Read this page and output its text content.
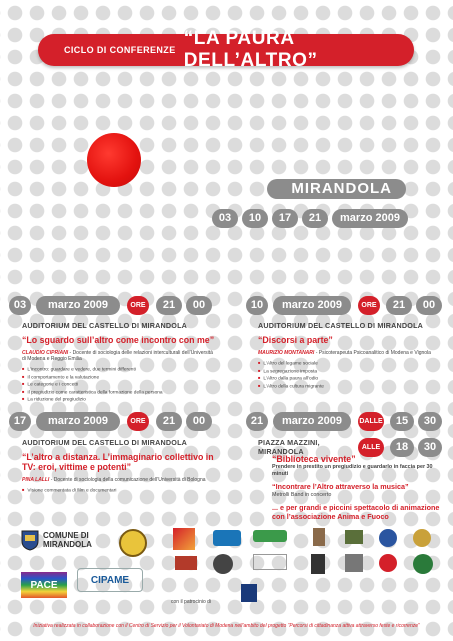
CICLO DI CONFERENZE
“LA PAURA DELL’ALTRO”
MIRANDOLA
03	10	17	21	marzo 2009
03	marzo 2009	ORE	21	00
AUDITORIUM DEL CASTELLO DI MIRANDOLA
“Lo sguardo sull’altro come incontro con me”
CLAUDIO CIPRIANI - Docente di sociologia delle relazioni interculturali dell’Università di Modena e Reggio Emilia
■ L’incontro: guardare e vedere, due termini differenti
■ Il comportamento e la valutazione
■ Le categorie e i concetti
■ Il pregiudizio come caratteristica della formazione della persona
■ La riduzione del pregiudizio
10	marzo 2009	ORE	21	00
AUDITORIUM DEL CASTELLO DI MIRANDOLA
“Discorsi a parte”
MAURIZIO MONTANARI - Psicoterapeuta Psicoanalitico di Modena e Vignola
■ L’Altro del legame sociale
■ La segregazione imposta
■ L’Altro dalla paura all’odio
■ L’Altro della cultura migrante
17	marzo 2009	ORE	21	00
AUDITORIUM DEL CASTELLO DI MIRANDOLA
“L’altro a distanza. L’immaginario collettivo in TV: eroi, vittime e potenti”
PINA LALLI - Docente di sociologia della comunicazione dell’Università di Bologna
■ Visione commentata di film e documentari
21	marzo 2009	DALLE	15	30
ALLE	18	30
PIAZZA MAZZINI, MIRANDOLA
“Biblioteca vivente”
Prendere in prestito un pregiudizio e guardarlo in faccia per 30 minuti
“Incontrare l’Altro attraverso la musica”
Metrolli Band in concerto
... e per grandi e piccini spettacolo di animazione con l’associazione Anima e Fuoco
COMUNE DI MIRANDOLA
PACE	CIPAME
con il patrocinio di
Iniziativa realizzata in collaborazione con il Centro di Servizio per il Volontariato di Modena nell’ambito del progetto “Percorsi di cittadinanza attiva attraverso feste e ricorrenze”
